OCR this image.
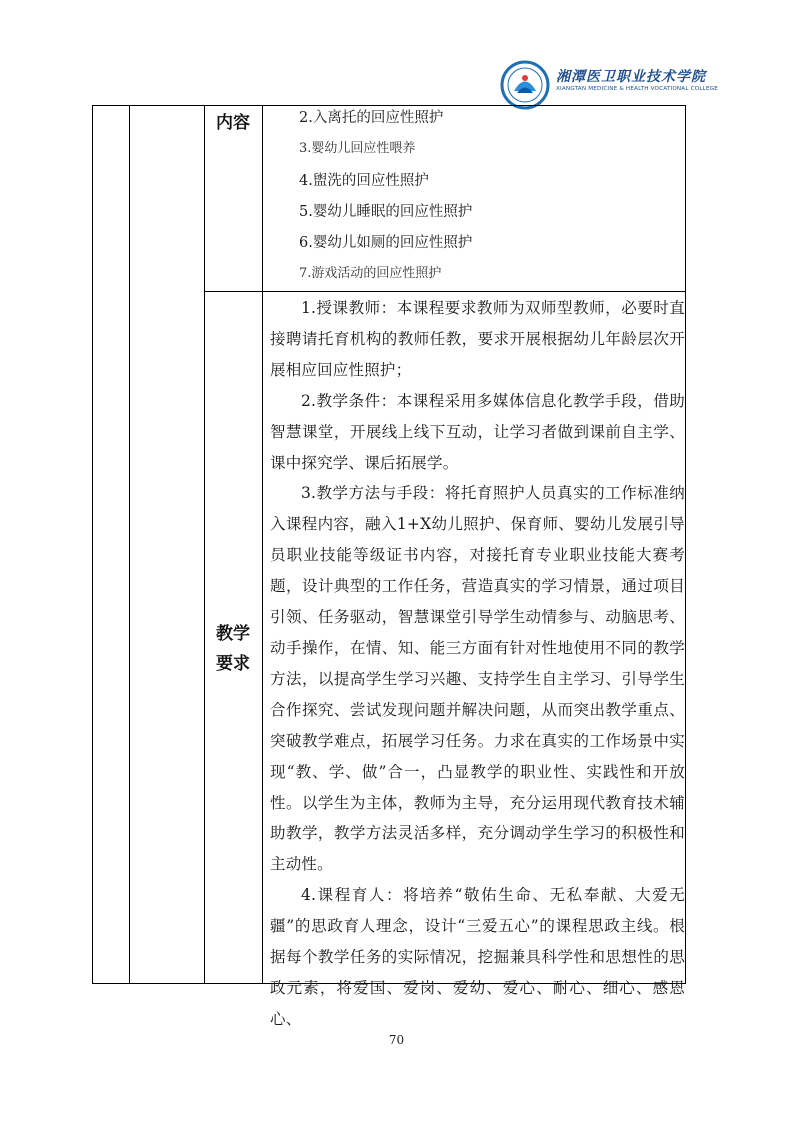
湘潭医卫职业技术学院
XIANGTAN MEDICINE & HEALTH VOCATIONAL COLLEGE
内容	2.入离托的回应性照护
3.婴幼儿回应性喂养
4.盥洗的回应性照护
5.婴幼儿睡眠的回应性照护
6.婴幼儿如厕的回应性照护
7.游戏活动的回应性照护
教学
要求

1.授课教师：本课程要求教师为双师型教师，必要时直接聘请托育机构的教师任教，要求开展根据幼儿年龄层次开展相应回应性照护；

2.教学条件：本课程采用多媒体信息化教学手段，借助智慧课堂，开展线上线下互动，让学习者做到课前自主学、课中探究学、课后拓展学。

3.教学方法与手段：将托育照护人员真实的工作标准纳入课程内容，融入1+X幼儿照护、保育师、婴幼儿发展引导员职业技能等级证书内容，对接托育专业职业技能大赛考题，设计典型的工作任务，营造真实的学习情景，通过项目引领、任务驱动，智慧课堂引导学生动情参与、动脑思考、动手操作，在情、知、能三方面有针对性地使用不同的教学方法，以提高学生学习兴趣、支持学生自主学习、引导学生合作探究、尝试发现问题并解决问题，从而突出教学重点、突破教学难点，拓展学习任务。力求在真实的工作场景中实现“教、学、做”合一，凸显教学的职业性、实践性和开放性。以学生为主体，教师为主导，充分运用现代教育技术辅助教学，教学方法灵活多样，充分调动学生学习的积极性和主动性。

4.课程育人：将培养“敬佑生命、无私奉献、大爱无疆”的思政育人理念，设计“三爱五心”的课程思政主线。根据每个教学任务的实际情况，挖掘兼具科学性和思想性的思政元素，将爱国、爱岗、爱幼、爱心、耐心、细心、感恩心、

70
